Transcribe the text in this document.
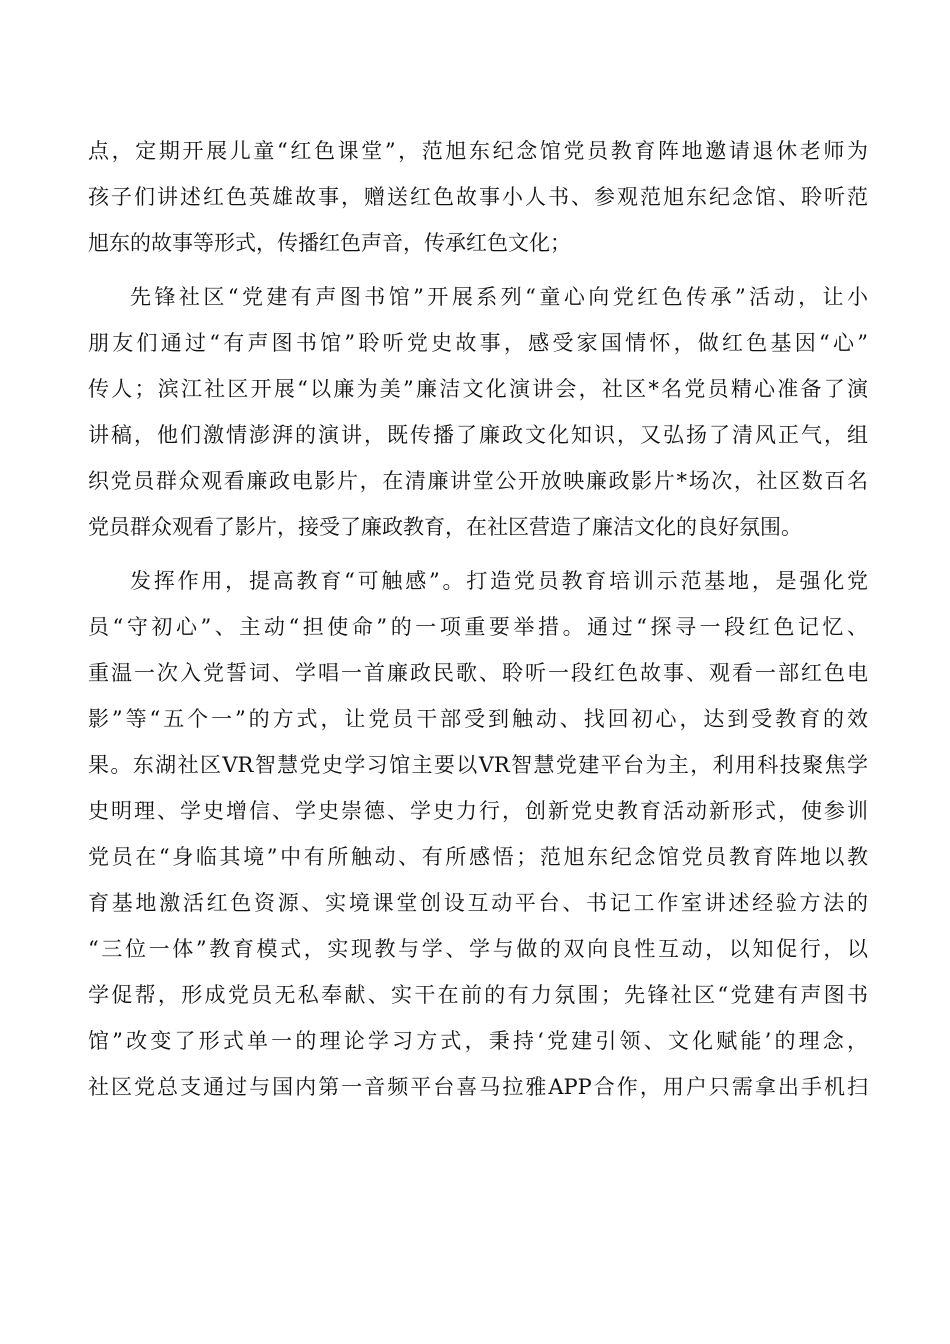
点，定期开展儿童“红色课堂”，范旭东纪念馆党员教育阵地邀请退休老师为
孩子们讲述红色英雄故事，赠送红色故事小人书、参观范旭东纪念馆、聆听范
旭东的故事等形式，传播红色声音，传承红色文化；
先锋社区“党建有声图书馆”开展系列“童心向党红色传承”活动，让小
朋友们通过“有声图书馆”聆听党史故事，感受家国情怀，做红色基因“心”
传人；滨江社区开展“以廉为美”廉洁文化演讲会，社区*名党员精心准备了演
讲稿，他们激情澎湃的演讲，既传播了廉政文化知识，又弘扬了清风正气，组
织党员群众观看廉政电影片，在清廉讲堂公开放映廉政影片*场次，社区数百名
党员群众观看了影片，接受了廉政教育，在社区营造了廉洁文化的良好氛围。
发挥作用，提高教育“可触感”。打造党员教育培训示范基地，是强化党
员“守初心”、主动“担使命”的一项重要举措。通过“探寻一段红色记忆、
重温一次入党誓词、学唱一首廉政民歌、聆听一段红色故事、观看一部红色电
影”等“五个一”的方式，让党员干部受到触动、找回初心，达到受教育的效
果。东湖社区VR智慧党史学习馆主要以VR智慧党建平台为主，利用科技聚焦学
史明理、学史增信、学史崇德、学史力行，创新党史教育活动新形式，使参训
党员在“身临其境”中有所触动、有所感悟；范旭东纪念馆党员教育阵地以教
育基地激活红色资源、实境课堂创设互动平台、书记工作室讲述经验方法的
“三位一体”教育模式，实现教与学、学与做的双向良性互动，以知促行，以
学促帮，形成党员无私奉献、实干在前的有力氛围；先锋社区“党建有声图书
馆”改变了形式单一的理论学习方式，秉持‘党建引领、文化赋能’的理念，
社区党总支通过与国内第一音频平台喜马拉雅APP合作，用户只需拿出手机扫
